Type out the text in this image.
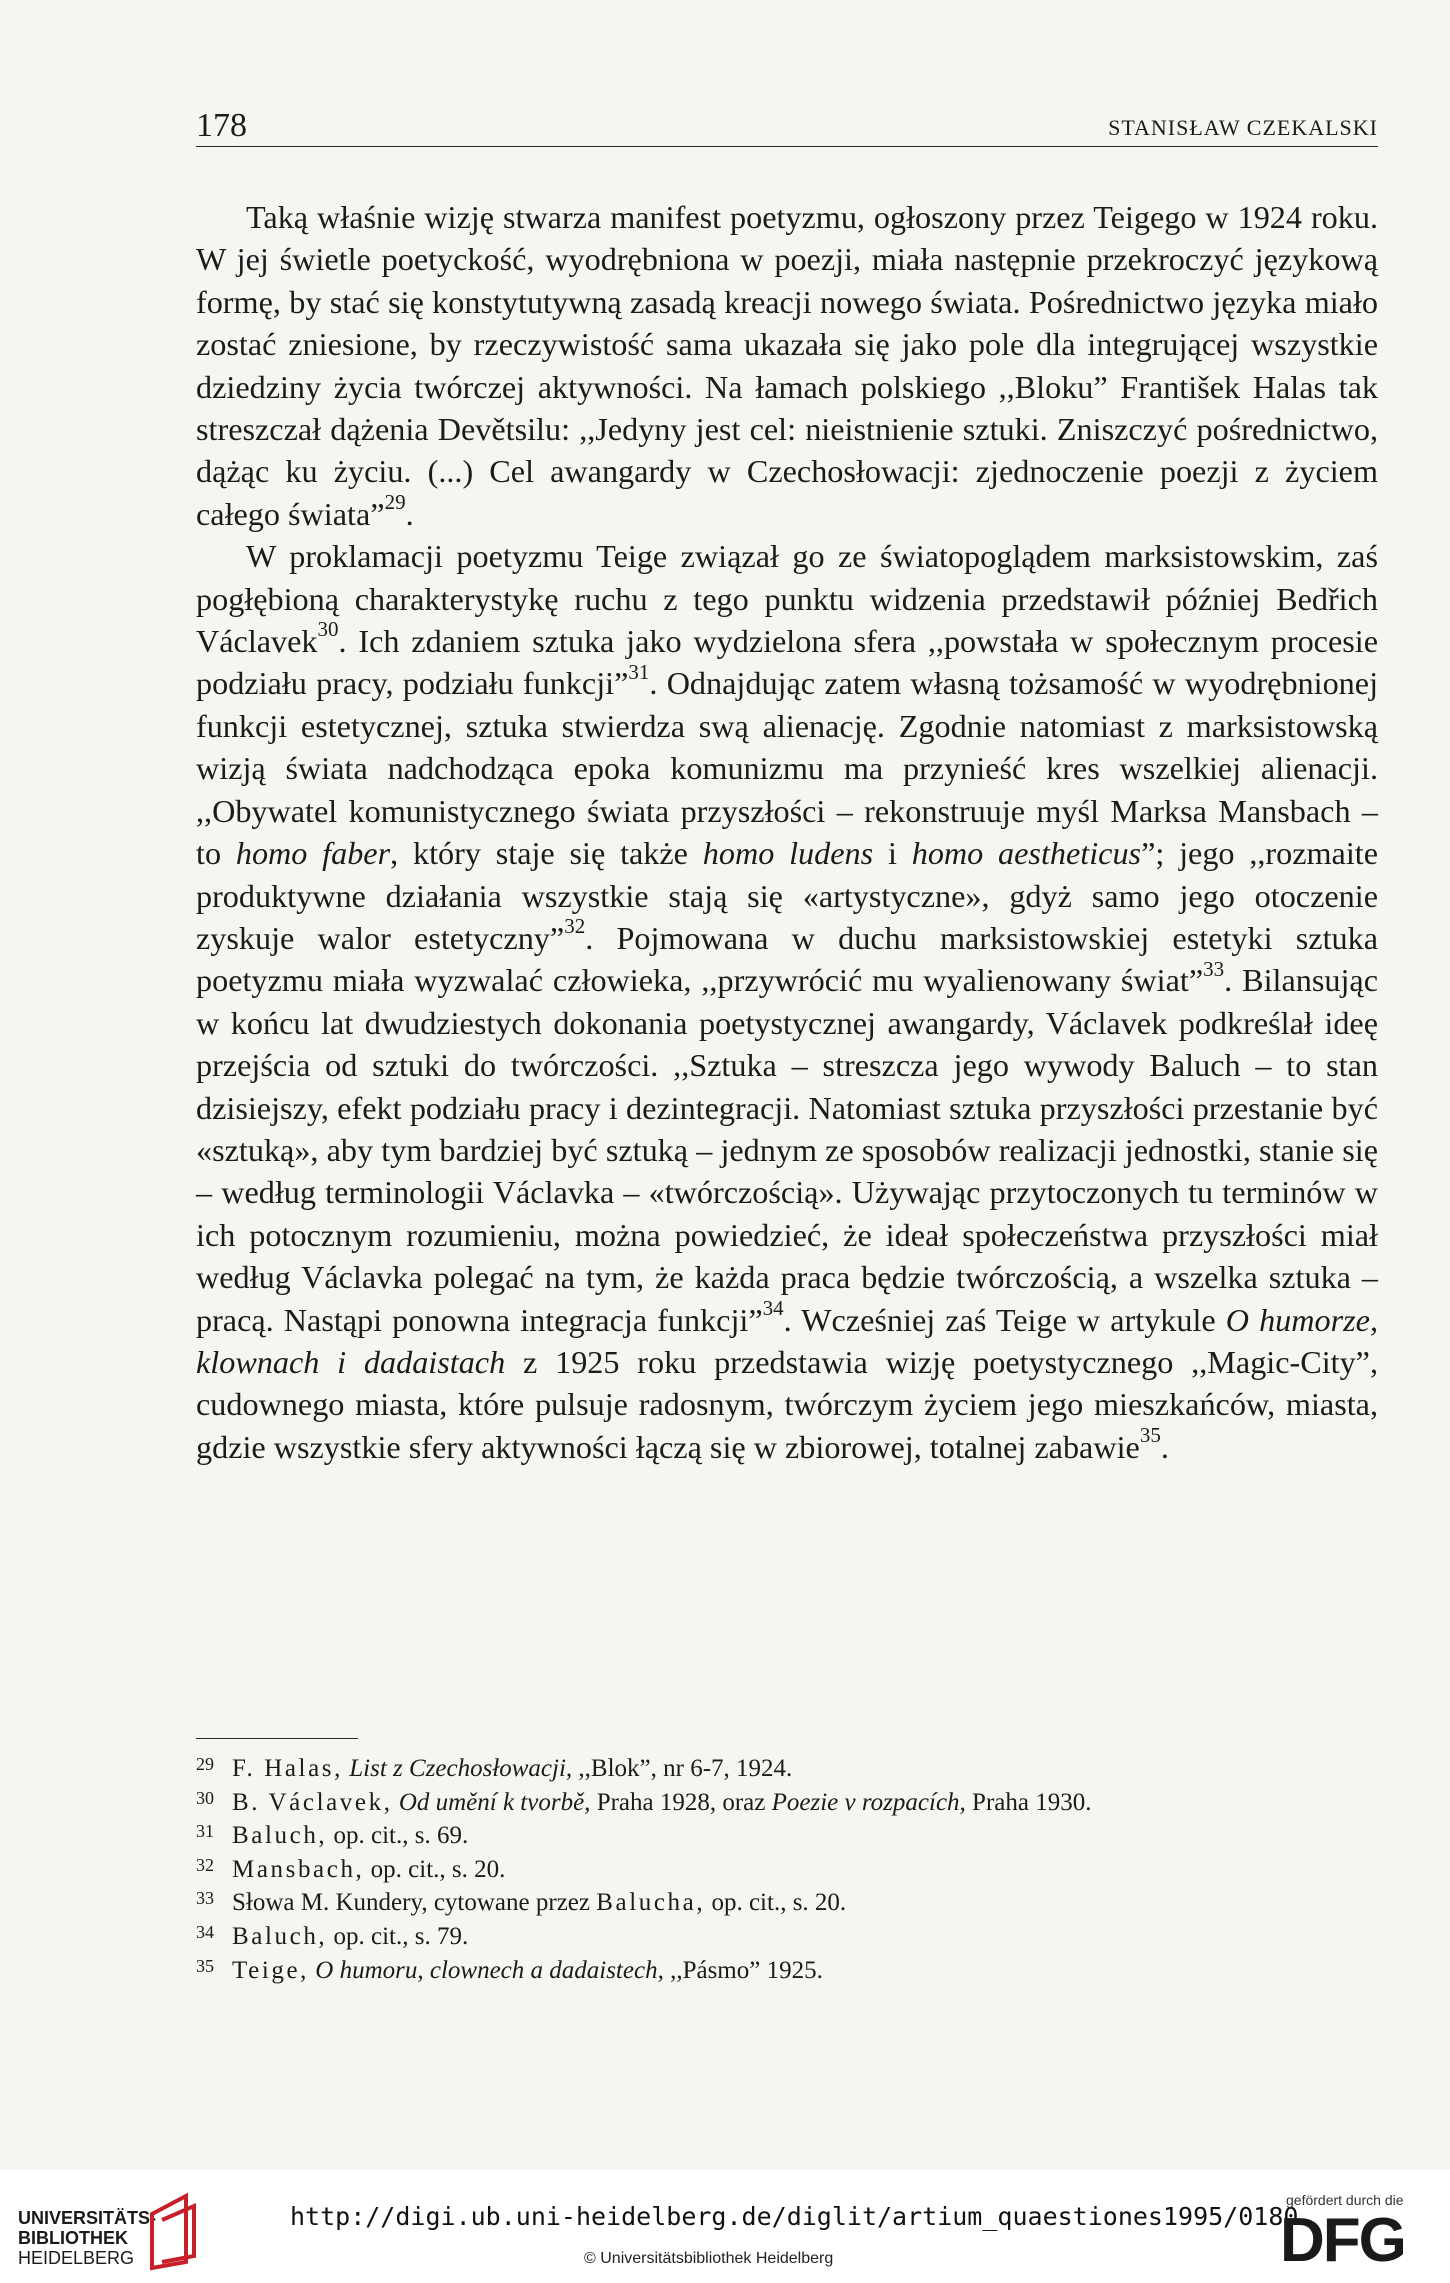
178	STANISŁAW CZEKALSKI

Taką właśnie wizję stwarza manifest poetyzmu, ogłoszony przez Teigego w 1924 roku. W jej świetle poetyckość, wyodrębniona w poezji, miała następnie przekroczyć językową formę, by stać się konstytutywną zasadą kreacji nowego świata. Pośrednictwo języka miało zostać zniesione, by rzeczywistość sama ukazała się jako pole dla integrującej wszystkie dziedziny życia twórczej aktywności. Na łamach polskiego ,,Bloku” František Halas tak streszczał dążenia Devětsilu: ,,Jedyny jest cel: nieistnienie sztuki. Zniszczyć pośrednictwo, dążąc ku życiu. (...) Cel awangardy w Czechosłowacji: zjednoczenie poezji z życiem całego świata”$^{29}$.

W proklamacji poetyzmu Teige związał go ze światopoglądem marksistowskim, zaś pogłębioną charakterystykę ruchu z tego punktu widzenia przedstawił później Bedřich Václavek$^{30}$. Ich zdaniem sztuka jako wydzielona sfera ,,powstała w społecznym procesie podziału pracy, podziału funkcji”$^{31}$. Odnajdując zatem własną tożsamość w wyodrębnionej funkcji estetycznej, sztuka stwierdza swą alienację. Zgodnie natomiast z marksistowską wizją świata nadchodząca epoka komunizmu ma przynieść kres wszelkiej alienacji. ,,Obywatel komunistycznego świata przyszłości – rekonstruuje myśl Marksa Mansbach – to homo faber, który staje się także homo ludens i homo aestheticus”; jego ,,rozmaite produktywne działania wszystkie stają się «artystyczne», gdyż samo jego otoczenie zyskuje walor estetyczny”$^{32}$. Pojmowana w duchu marksistowskiej estetyki sztuka poetyzmu miała wyzwalać człowieka, ,,przywrócić mu wyalienowany świat”$^{33}$. Bilansując w końcu lat dwudziestych dokonania poetystycznej awangardy, Václavek podkreślał ideę przejścia od sztuki do twórczości. ,,Sztuka – streszcza jego wywody Baluch – to stan dzisiejszy, efekt podziału pracy i dezintegracji. Natomiast sztuka przyszłości przestanie być «sztuką», aby tym bardziej być sztuką – jednym ze sposobów realizacji jednostki, stanie się – według terminologii Václavka – «twórczością». Używając przytoczonych tu terminów w ich potocznym rozumieniu, można powiedzieć, że ideał społeczeństwa przyszłości miał według Václavka polegać na tym, że każda praca będzie twórczością, a wszelka sztuka – pracą. Nastąpi ponowna integracja funkcji”$^{34}$. Wcześniej zaś Teige w artykule O humorze, klownach i dadaistach z 1925 roku przedstawia wizję poetystycznego ,,Magic-City”, cudownego miasta, które pulsuje radosnym, twórczym życiem jego mieszkańców, miasta, gdzie wszystkie sfery aktywności łączą się w zbiorowej, totalnej zabawie$^{35}$.

29 F. Halas, List z Czechosłowacji, ,,Blok”, nr 6-7, 1924.
30 B. Václavek, Od umění k tvorbě, Praha 1928, oraz Poezie v rozpacích, Praha 1930.
31 Baluch, op. cit., s. 69.
32 Mansbach, op. cit., s. 20.
33 Słowa M. Kundery, cytowane przez Balucha, op. cit., s. 20.
34 Baluch, op. cit., s. 79.
35 Teige, O humoru, clownech a dadaistech, ,,Pásmo” 1925.
UNIVERSITÄTS-
BIBLIOTHEK
HEIDELBERG
http://digi.ub.uni-heidelberg.de/diglit/artium_quaestiones1995/0180
© Universitätsbibliothek Heidelberg
gefördert durch die
DFG
